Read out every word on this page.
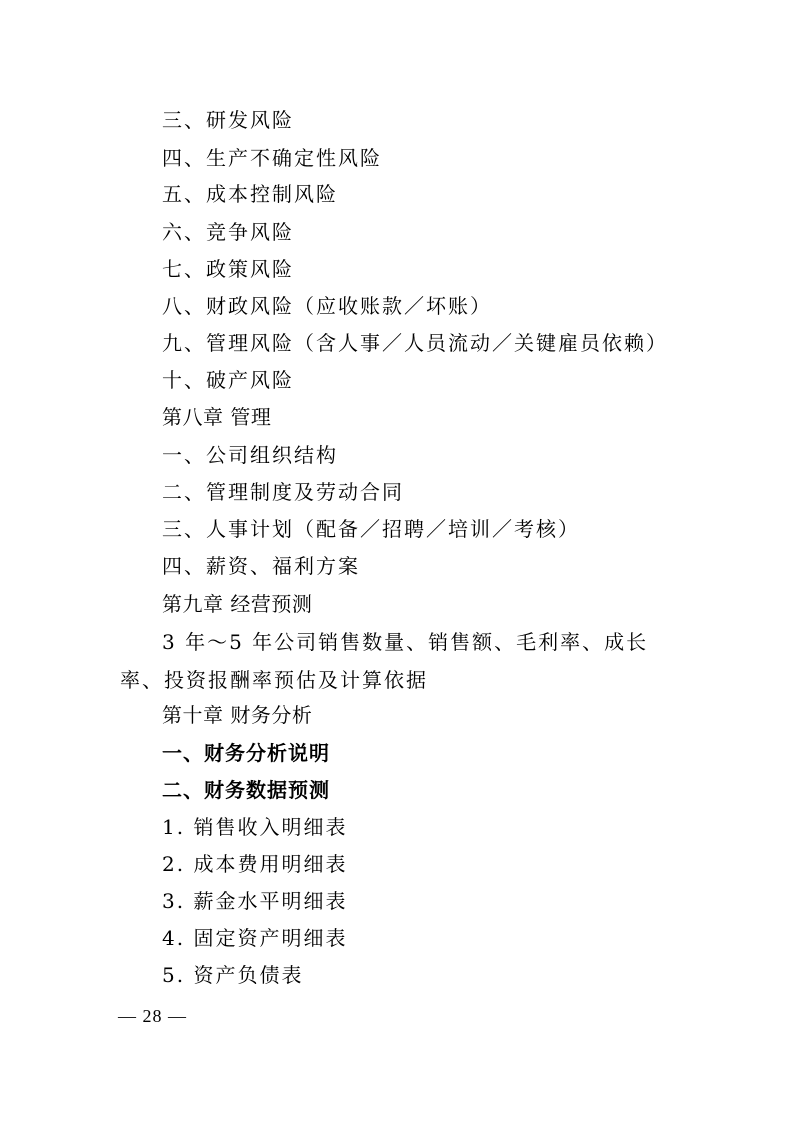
三、研发风险
四、生产不确定性风险
五、成本控制风险
六、竞争风险
七、政策风险
八、财政风险（应收账款／坏账）
九、管理风险（含人事／人员流动／关键雇员依赖）
十、破产风险
第八章 管理
一、公司组织结构
二、管理制度及劳动合同
三、人事计划（配备／招聘／培训／考核）
四、薪资、福利方案
第九章 经营预测
3 年～5 年公司销售数量、销售额、毛利率、成长率、投资报酬率预估及计算依据
第十章 财务分析
一、财务分析说明
二、财务数据预测
1. 销售收入明细表
2. 成本费用明细表
3. 薪金水平明细表
4. 固定资产明细表
5. 资产负债表
— 28 —
